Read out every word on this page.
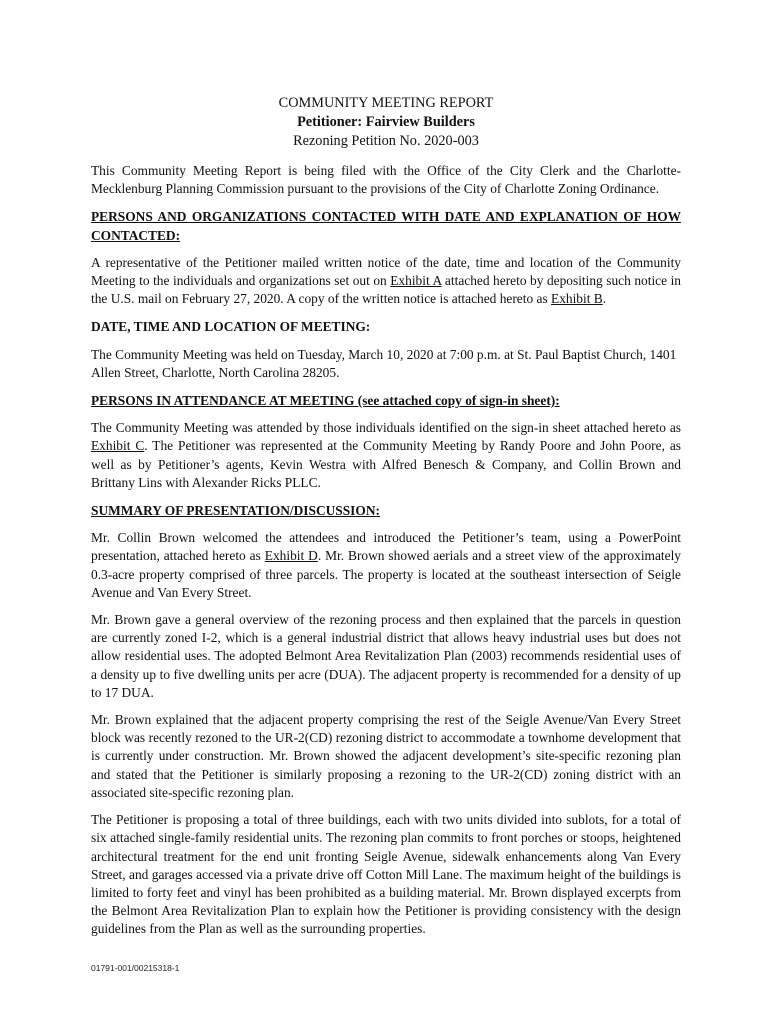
COMMUNITY MEETING REPORT
Petitioner: Fairview Builders
Rezoning Petition No. 2020-003

This Community Meeting Report is being filed with the Office of the City Clerk and the Charlotte-Mecklenburg Planning Commission pursuant to the provisions of the City of Charlotte Zoning Ordinance.

PERSONS AND ORGANIZATIONS CONTACTED WITH DATE AND EXPLANATION OF HOW CONTACTED:

A representative of the Petitioner mailed written notice of the date, time and location of the Community Meeting to the individuals and organizations set out on Exhibit A attached hereto by depositing such notice in the U.S. mail on February 27, 2020. A copy of the written notice is attached hereto as Exhibit B.

DATE, TIME AND LOCATION OF MEETING:

The Community Meeting was held on Tuesday, March 10, 2020 at 7:00 p.m. at St. Paul Baptist Church, 1401 Allen Street, Charlotte, North Carolina 28205.

PERSONS IN ATTENDANCE AT MEETING (see attached copy of sign-in sheet):

The Community Meeting was attended by those individuals identified on the sign-in sheet attached hereto as Exhibit C. The Petitioner was represented at the Community Meeting by Randy Poore and John Poore, as well as by Petitioner’s agents, Kevin Westra with Alfred Benesch & Company, and Collin Brown and Brittany Lins with Alexander Ricks PLLC.

SUMMARY OF PRESENTATION/DISCUSSION:

Mr. Collin Brown welcomed the attendees and introduced the Petitioner’s team, using a PowerPoint presentation, attached hereto as Exhibit D. Mr. Brown showed aerials and a street view of the approximately 0.3-acre property comprised of three parcels. The property is located at the southeast intersection of Seigle Avenue and Van Every Street.

Mr. Brown gave a general overview of the rezoning process and then explained that the parcels in question are currently zoned I-2, which is a general industrial district that allows heavy industrial uses but does not allow residential uses. The adopted Belmont Area Revitalization Plan (2003) recommends residential uses of a density up to five dwelling units per acre (DUA). The adjacent property is recommended for a density of up to 17 DUA.

Mr. Brown explained that the adjacent property comprising the rest of the Seigle Avenue/Van Every Street block was recently rezoned to the UR-2(CD) rezoning district to accommodate a townhome development that is currently under construction. Mr. Brown showed the adjacent development’s site-specific rezoning plan and stated that the Petitioner is similarly proposing a rezoning to the UR-2(CD) zoning district with an associated site-specific rezoning plan.

The Petitioner is proposing a total of three buildings, each with two units divided into sublots, for a total of six attached single-family residential units. The rezoning plan commits to front porches or stoops, heightened architectural treatment for the end unit fronting Seigle Avenue, sidewalk enhancements along Van Every Street, and garages accessed via a private drive off Cotton Mill Lane. The maximum height of the buildings is limited to forty feet and vinyl has been prohibited as a building material. Mr. Brown displayed excerpts from the Belmont Area Revitalization Plan to explain how the Petitioner is providing consistency with the design guidelines from the Plan as well as the surrounding properties.

01791-001/00215318-1
